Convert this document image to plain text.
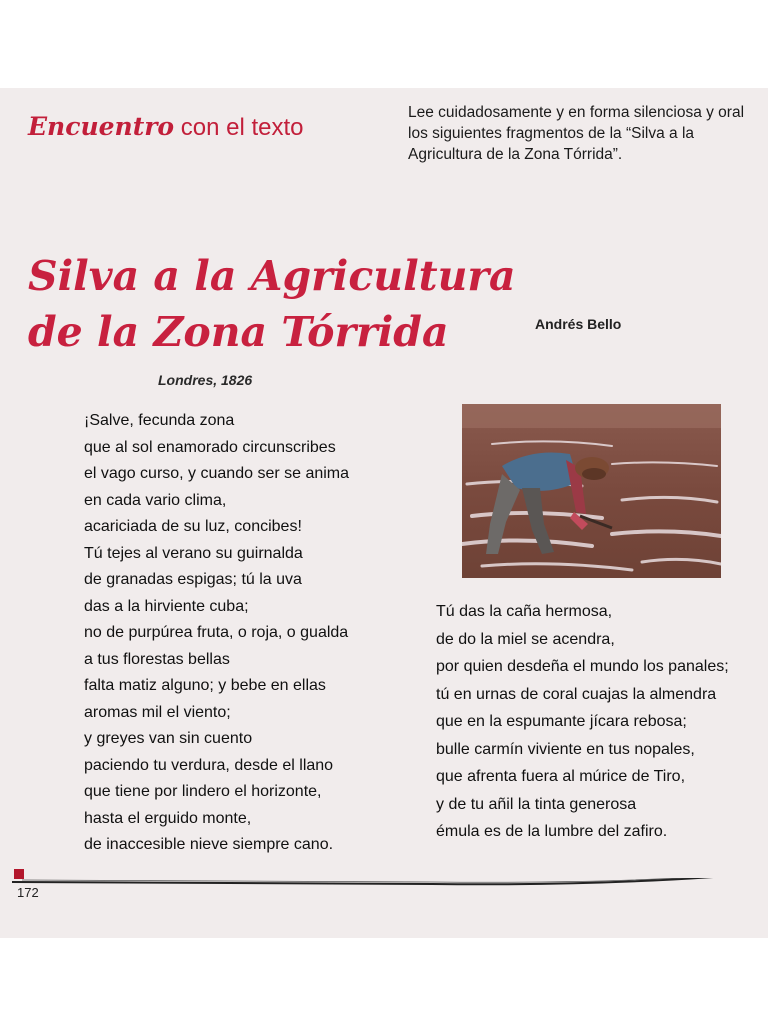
Encuentro con el texto
Lee cuidadosamente y en forma silenciosa y oral los siguientes fragmentos de la “Silva a la Agricultura de la Zona Tórrida”.
Silva a la Agricultura
de la Zona Tórrida	Andrés Bello
Londres, 1826
¡Salve, fecunda zona
que al sol enamorado circunscribes
el vago curso, y cuando ser se anima
en cada vario clima,
acariciada de su luz, concibes!
Tú tejes al verano su guirnalda
de granadas espigas; tú la uva
das a la hirviente cuba;
no de purpúrea fruta, o roja, o gualda
a tus florestas bellas
falta matiz alguno; y bebe en ellas
aromas mil el viento;
y greyes van sin cuento
paciendo tu verdura, desde el llano
que tiene por lindero el horizonte,
hasta el erguido monte,
de inaccesible nieve siempre cano.
Tú das la caña hermosa,
de do la miel se acendra,
por quien desdeña el mundo los panales;
tú en urnas de coral cuajas la almendra
que en la espumante jícara rebosa;
bulle carmín viviente en tus nopales,
que afrenta fuera al múrice de Tiro,
y de tu añil la tinta generosa
émula es de la lumbre del zafiro.
172
